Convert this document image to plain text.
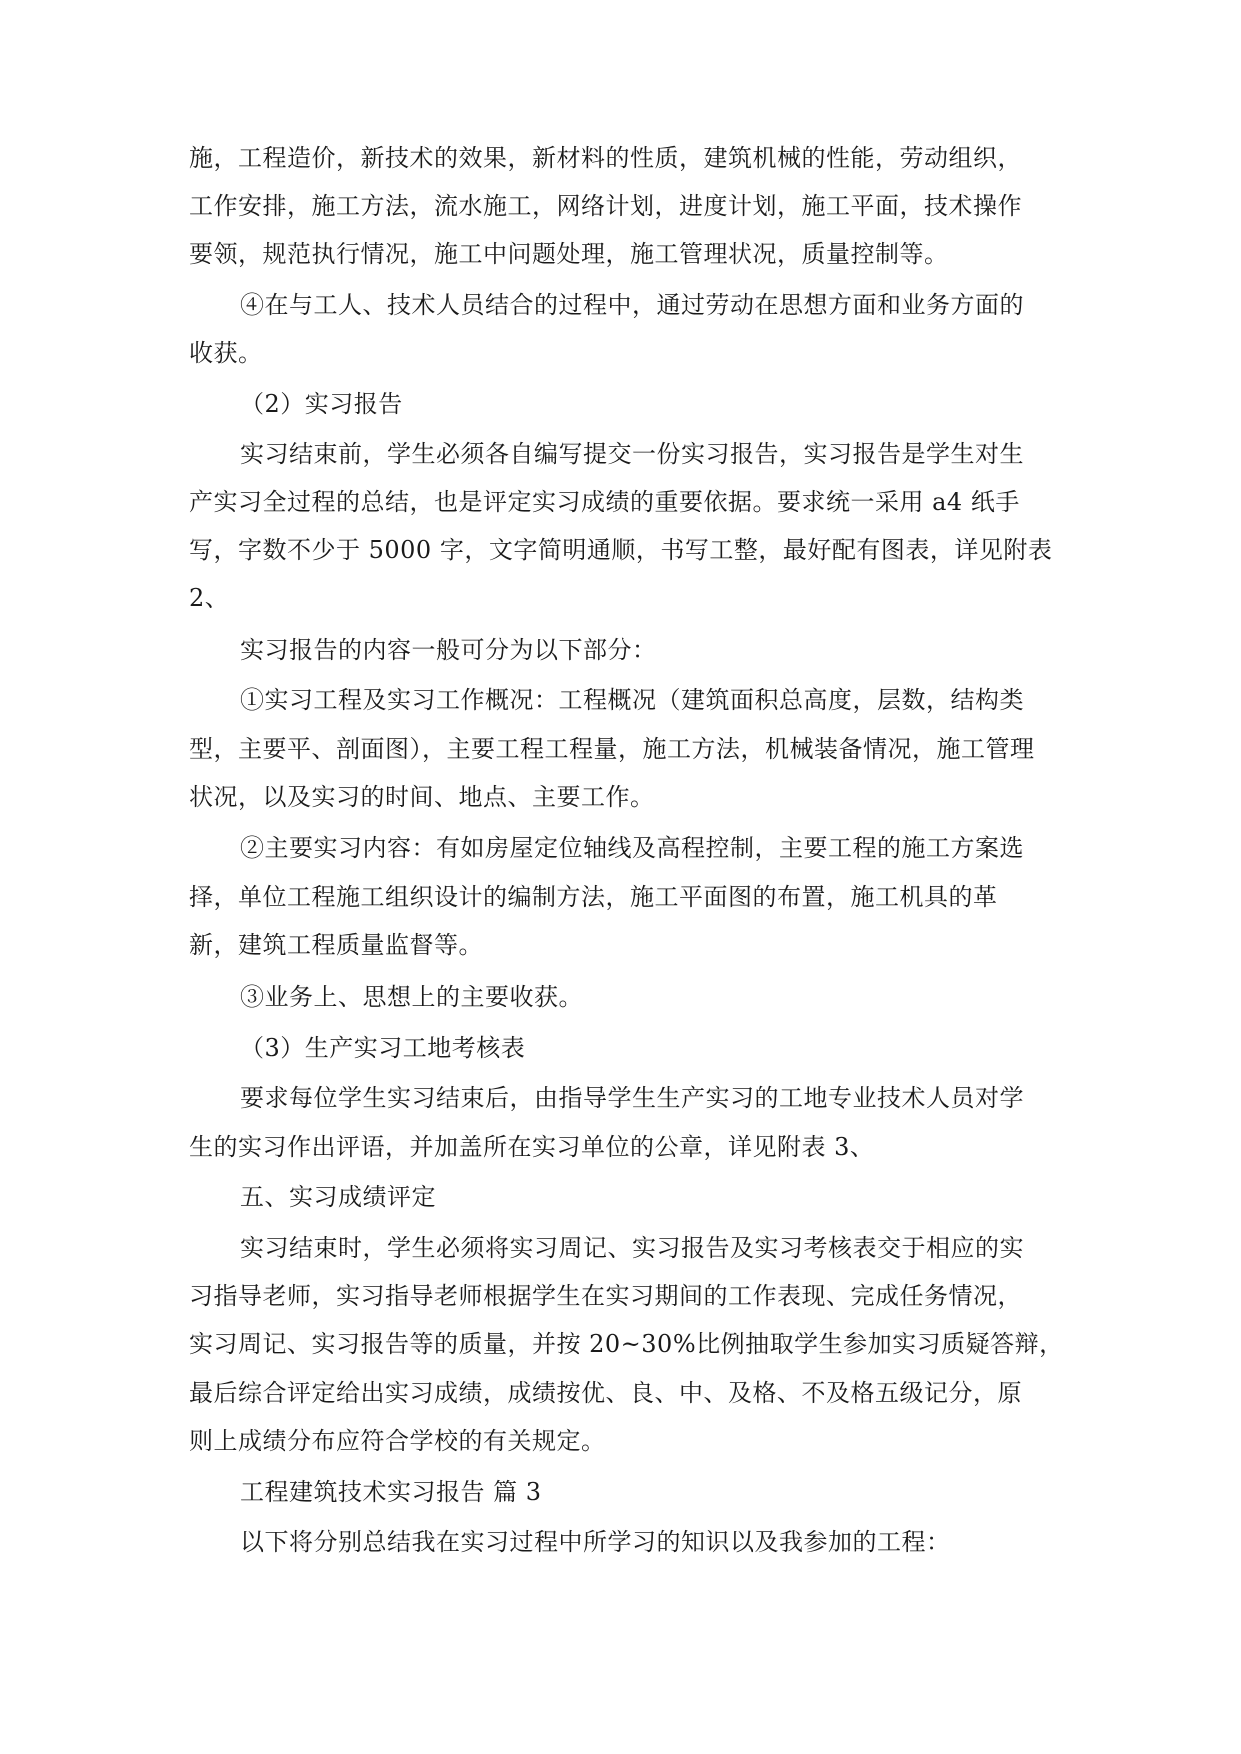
施，工程造价，新技术的效果，新材料的性质，建筑机械的性能，劳动组织，
工作安排，施工方法，流水施工，网络计划，进度计划，施工平面，技术操作
要领，规范执行情况，施工中问题处理，施工管理状况，质量控制等。
④在与工人、技术人员结合的过程中，通过劳动在思想方面和业务方面的
收获。
（2）实习报告
实习结束前，学生必须各自编写提交一份实习报告，实习报告是学生对生
产实习全过程的总结，也是评定实习成绩的重要依据。要求统一采用 a4 纸手
写，字数不少于 5000 字，文字简明通顺，书写工整，最好配有图表，详见附表
2、
实习报告的内容一般可分为以下部分：
①实习工程及实习工作概况：工程概况（建筑面积总高度，层数，结构类
型，主要平、剖面图），主要工程工程量，施工方法，机械装备情况，施工管理
状况，以及实习的时间、地点、主要工作。
②主要实习内容：有如房屋定位轴线及高程控制，主要工程的施工方案选
择，单位工程施工组织设计的编制方法，施工平面图的布置，施工机具的革
新，建筑工程质量监督等。
③业务上、思想上的主要收获。
（3）生产实习工地考核表
要求每位学生实习结束后，由指导学生生产实习的工地专业技术人员对学
生的实习作出评语，并加盖所在实习单位的公章，详见附表 3、
五、实习成绩评定
实习结束时，学生必须将实习周记、实习报告及实习考核表交于相应的实
习指导老师，实习指导老师根据学生在实习期间的工作表现、完成任务情况，
实习周记、实习报告等的质量，并按 20~30%比例抽取学生参加实习质疑答辩，
最后综合评定给出实习成绩，成绩按优、良、中、及格、不及格五级记分，原
则上成绩分布应符合学校的有关规定。
工程建筑技术实习报告 篇 3
以下将分别总结我在实习过程中所学习的知识以及我参加的工程：
